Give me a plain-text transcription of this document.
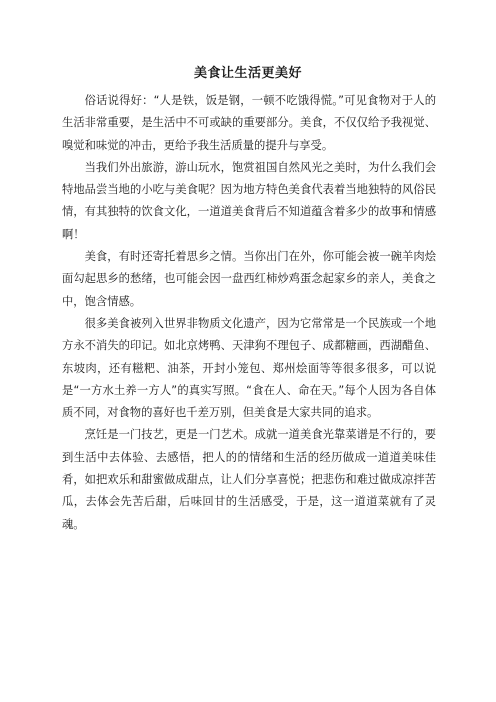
美食让生活更美好

俗话说得好：“人是铁，饭是钢，一顿不吃饿得慌。”可见食物对于人的生活非常重要，是生活中不可或缺的重要部分。美食，不仅仅给予我视觉、嗅觉和味觉的冲击，更给予我生活质量的提升与享受。

当我们外出旅游，游山玩水，饱赏祖国自然风光之美时，为什么我们会特地品尝当地的小吃与美食呢？因为地方特色美食代表着当地独特的风俗民情，有其独特的饮食文化，一道道美食背后不知道蕴含着多少的故事和情感啊！

美食，有时还寄托着思乡之情。当你出门在外，你可能会被一碗羊肉烩面勾起思乡的愁绪，也可能会因一盘西红柿炒鸡蛋念起家乡的亲人，美食之中，饱含情感。

很多美食被列入世界非物质文化遗产，因为它常常是一个民族或一个地方永不消失的印记。如北京烤鸭、天津狗不理包子、成都糖画，西湖醋鱼、东坡肉，还有糍粑、油茶，开封小笼包、郑州烩面等等很多很多，可以说是“一方水土养一方人”的真实写照。“食在人、命在天。”每个人因为各自体质不同，对食物的喜好也千差万别，但美食是大家共同的追求。

烹饪是一门技艺，更是一门艺术。成就一道美食光靠菜谱是不行的，要到生活中去体验、去感悟，把人的的情绪和生活的经历做成一道道美味佳肴，如把欢乐和甜蜜做成甜点，让人们分享喜悦；把悲伤和难过做成凉拌苦瓜，去体会先苦后甜，后味回甘的生活感受，于是，这一道道菜就有了灵魂。
